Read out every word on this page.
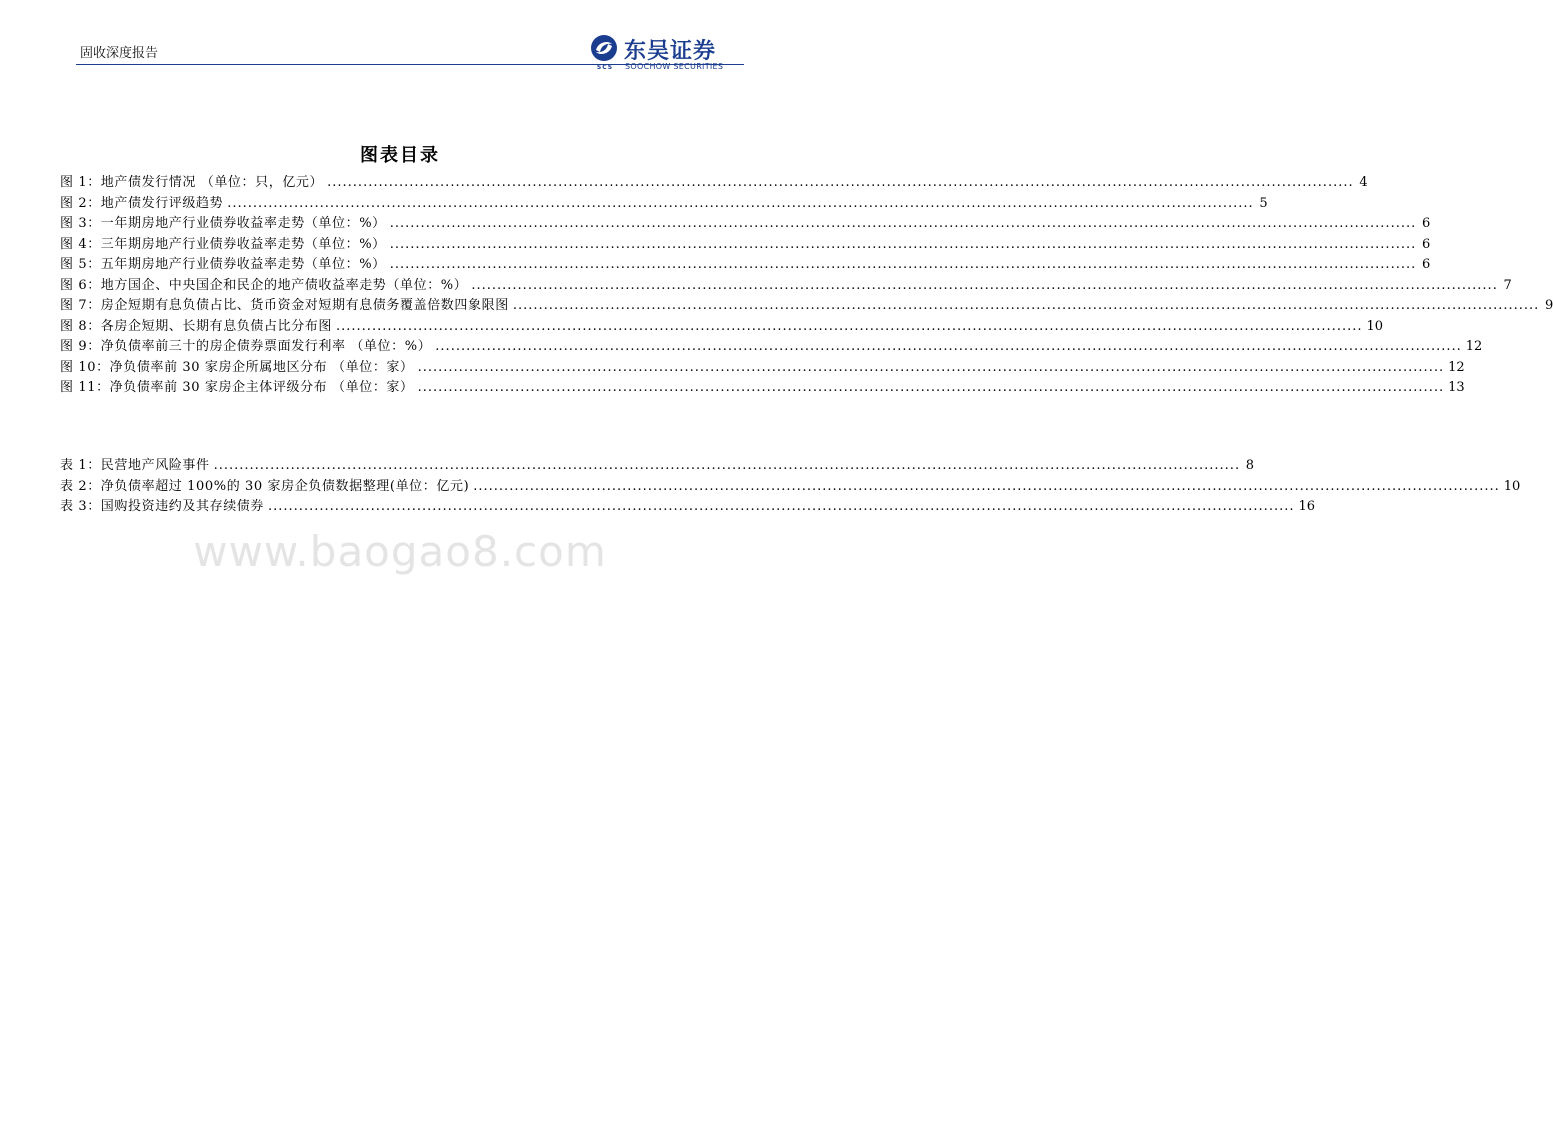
固收深度报告
SCS
东吴证券
SOOCHOW SECURITIES
图表目录
图 1：地产债发行情况 （单位：只，亿元） ........................................................................................................................................................................................................ 4
图 2：地产债发行评级趋势 ........................................................................................................................................................................................................ 5
图 3：一年期房地产行业债券收益率走势（单位：%） ........................................................................................................................................................................................................ 6
图 4：三年期房地产行业债券收益率走势（单位：%） ........................................................................................................................................................................................................ 6
图 5：五年期房地产行业债券收益率走势（单位：%） ........................................................................................................................................................................................................ 6
图 6：地方国企、中央国企和民企的地产债收益率走势（单位：%） ........................................................................................................................................................................................................ 7
图 7：房企短期有息负债占比、货币资金对短期有息债务覆盖倍数四象限图 ........................................................................................................................................................................................................ 9
图 8：各房企短期、长期有息负债占比分布图 ........................................................................................................................................................................................................ 10
图 9：净负债率前三十的房企债券票面发行利率 （单位：%） ........................................................................................................................................................................................................ 12
图 10：净负债率前 30 家房企所属地区分布 （单位：家） ........................................................................................................................................................................................................ 12
图 11：净负债率前 30 家房企主体评级分布 （单位：家） ........................................................................................................................................................................................................ 13
表 1：民营地产风险事件 ........................................................................................................................................................................................................ 8
表 2：净负债率超过 100%的 30 家房企负债数据整理(单位：亿元) ........................................................................................................................................................................................................ 10
表 3：国购投资违约及其存续债券 ........................................................................................................................................................................................................ 16
www.baogao8.com
